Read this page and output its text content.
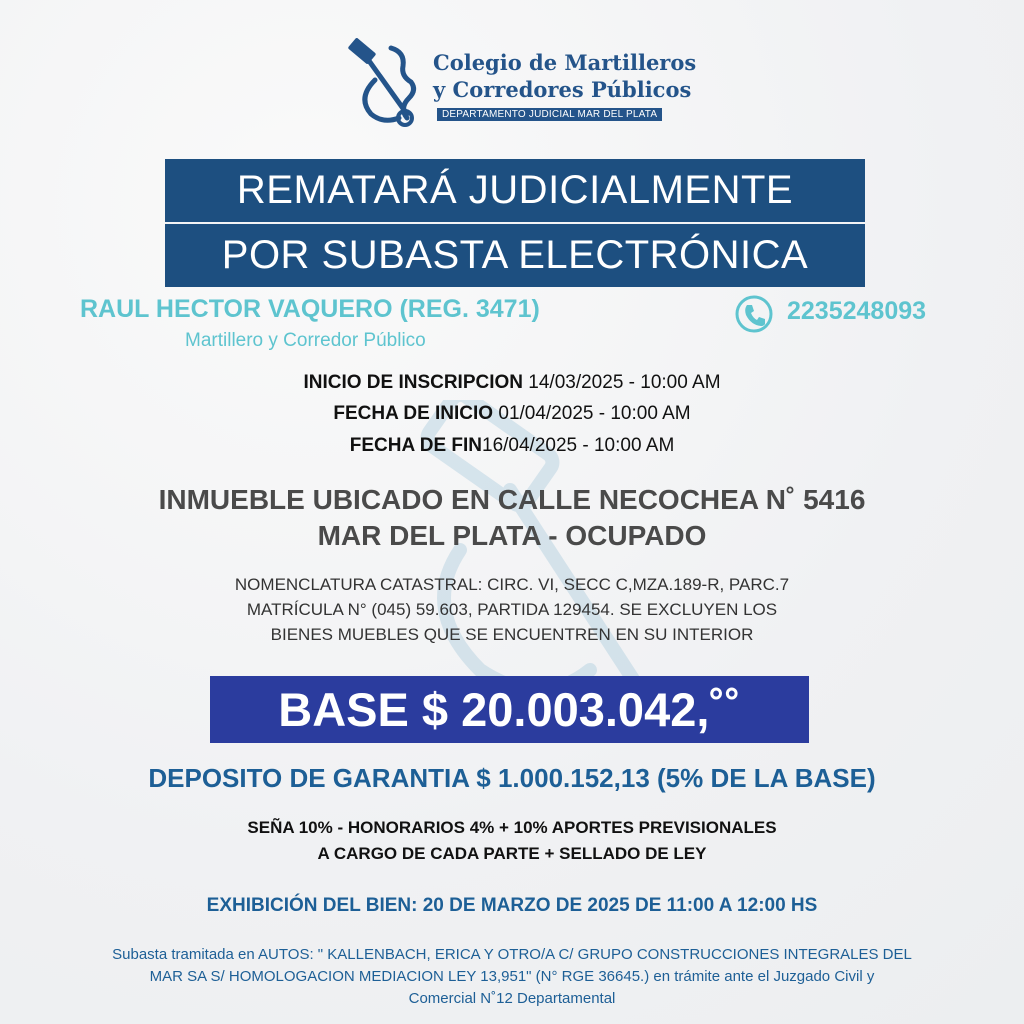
Colegio de Martilleros
y Corredores Públicos
DEPARTAMENTO JUDICIAL MAR DEL PLATA
REMATARÁ JUDICIALMENTE
POR SUBASTA ELECTRÓNICA
RAUL HECTOR VAQUERO (REG. 3471)
Martillero y Corredor Público
2235248093
INICIO DE INSCRIPCION 14/03/2025 - 10:00 AM
FECHA DE INICIO 01/04/2025 - 10:00 AM
FECHA DE FIN16/04/2025 - 10:00 AM
INMUEBLE UBICADO EN CALLE NECOCHEA N˚ 5416
MAR DEL PLATA - OCUPADO
NOMENCLATURA CATASTRAL: CIRC. VI, SECC C,MZA.189-R, PARC.7
MATRÍCULA N° (045) 59.603, PARTIDA 129454. SE EXCLUYEN LOS
BIENES MUEBLES QUE SE ENCUENTREN EN SU INTERIOR
BASE $ 20.003.042,˚˚
DEPOSITO DE GARANTIA $ 1.000.152,13 (5% DE LA BASE)
SEÑA 10% - HONORARIOS 4% + 10% APORTES PREVISIONALES
A CARGO DE CADA PARTE + SELLADO DE LEY
EXHIBICIÓN DEL BIEN: 20 DE MARZO DE 2025 DE 11:00 A 12:00 HS
Subasta tramitada en AUTOS: " KALLENBACH, ERICA Y OTRO/A C/ GRUPO CONSTRUCCIONES INTEGRALES DEL
MAR SA S/ HOMOLOGACION MEDIACION LEY 13,951" (N° RGE 36645.) en trámite ante el Juzgado Civil y
Comercial N˚12 Departamental
